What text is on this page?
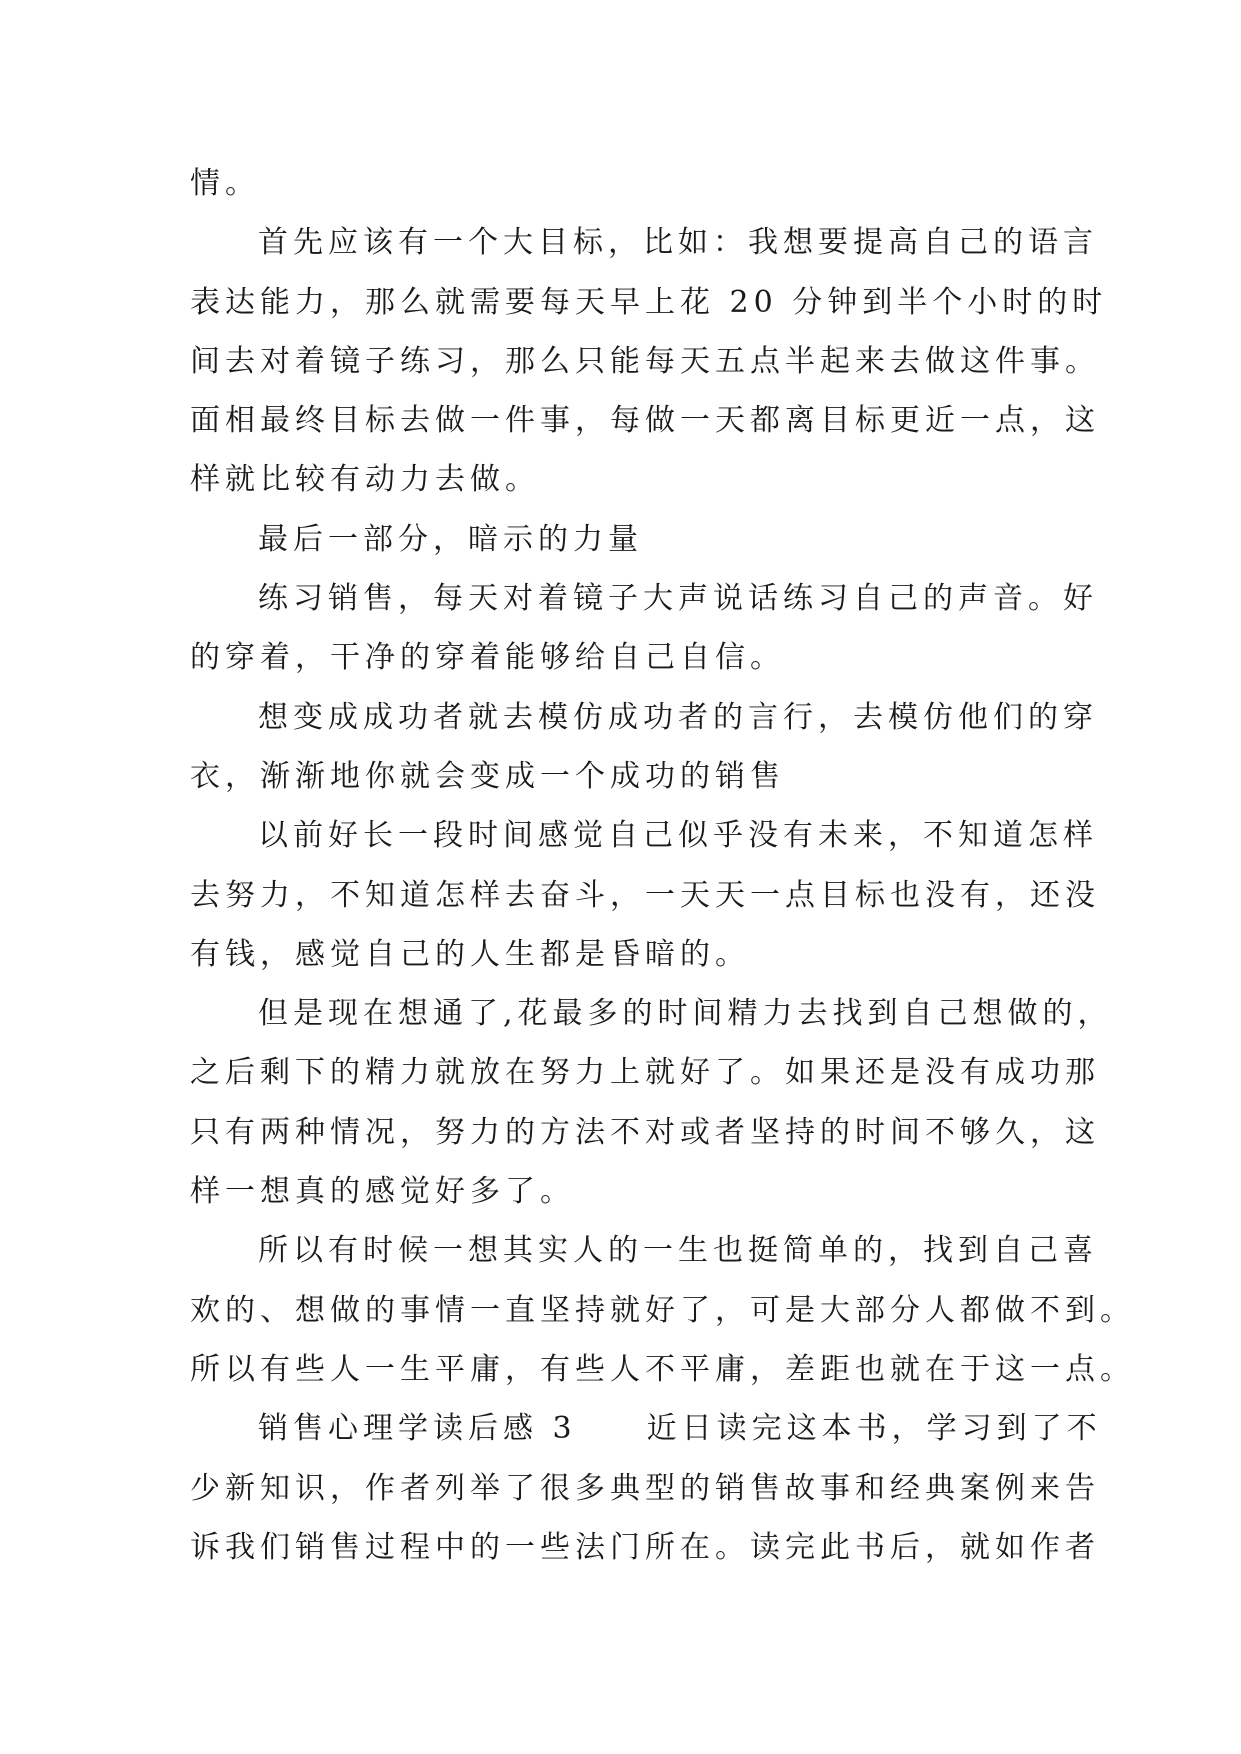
情。
首先应该有一个大目标，比如：我想要提高自己的语言
表达能力，那么就需要每天早上花 20 分钟到半个小时的时
间去对着镜子练习，那么只能每天五点半起来去做这件事。
面相最终目标去做一件事，每做一天都离目标更近一点，这
样就比较有动力去做。
最后一部分，暗示的力量
练习销售，每天对着镜子大声说话练习自己的声音。好
的穿着，干净的穿着能够给自己自信。
想变成成功者就去模仿成功者的言行，去模仿他们的穿
衣，渐渐地你就会变成一个成功的销售
以前好长一段时间感觉自己似乎没有未来，不知道怎样
去努力，不知道怎样去奋斗，一天天一点目标也没有，还没
有钱，感觉自己的人生都是昏暗的。
但是现在想通了,花最多的时间精力去找到自己想做的，
之后剩下的精力就放在努力上就好了。如果还是没有成功那
只有两种情况，努力的方法不对或者坚持的时间不够久，这
样一想真的感觉好多了。
所以有时候一想其实人的一生也挺简单的，找到自己喜
欢的、想做的事情一直坚持就好了，可是大部分人都做不到。
所以有些人一生平庸，有些人不平庸，差距也就在于这一点。
销售心理学读后感 3　　近日读完这本书，学习到了不
少新知识，作者列举了很多典型的销售故事和经典案例来告
诉我们销售过程中的一些法门所在。读完此书后，就如作者
